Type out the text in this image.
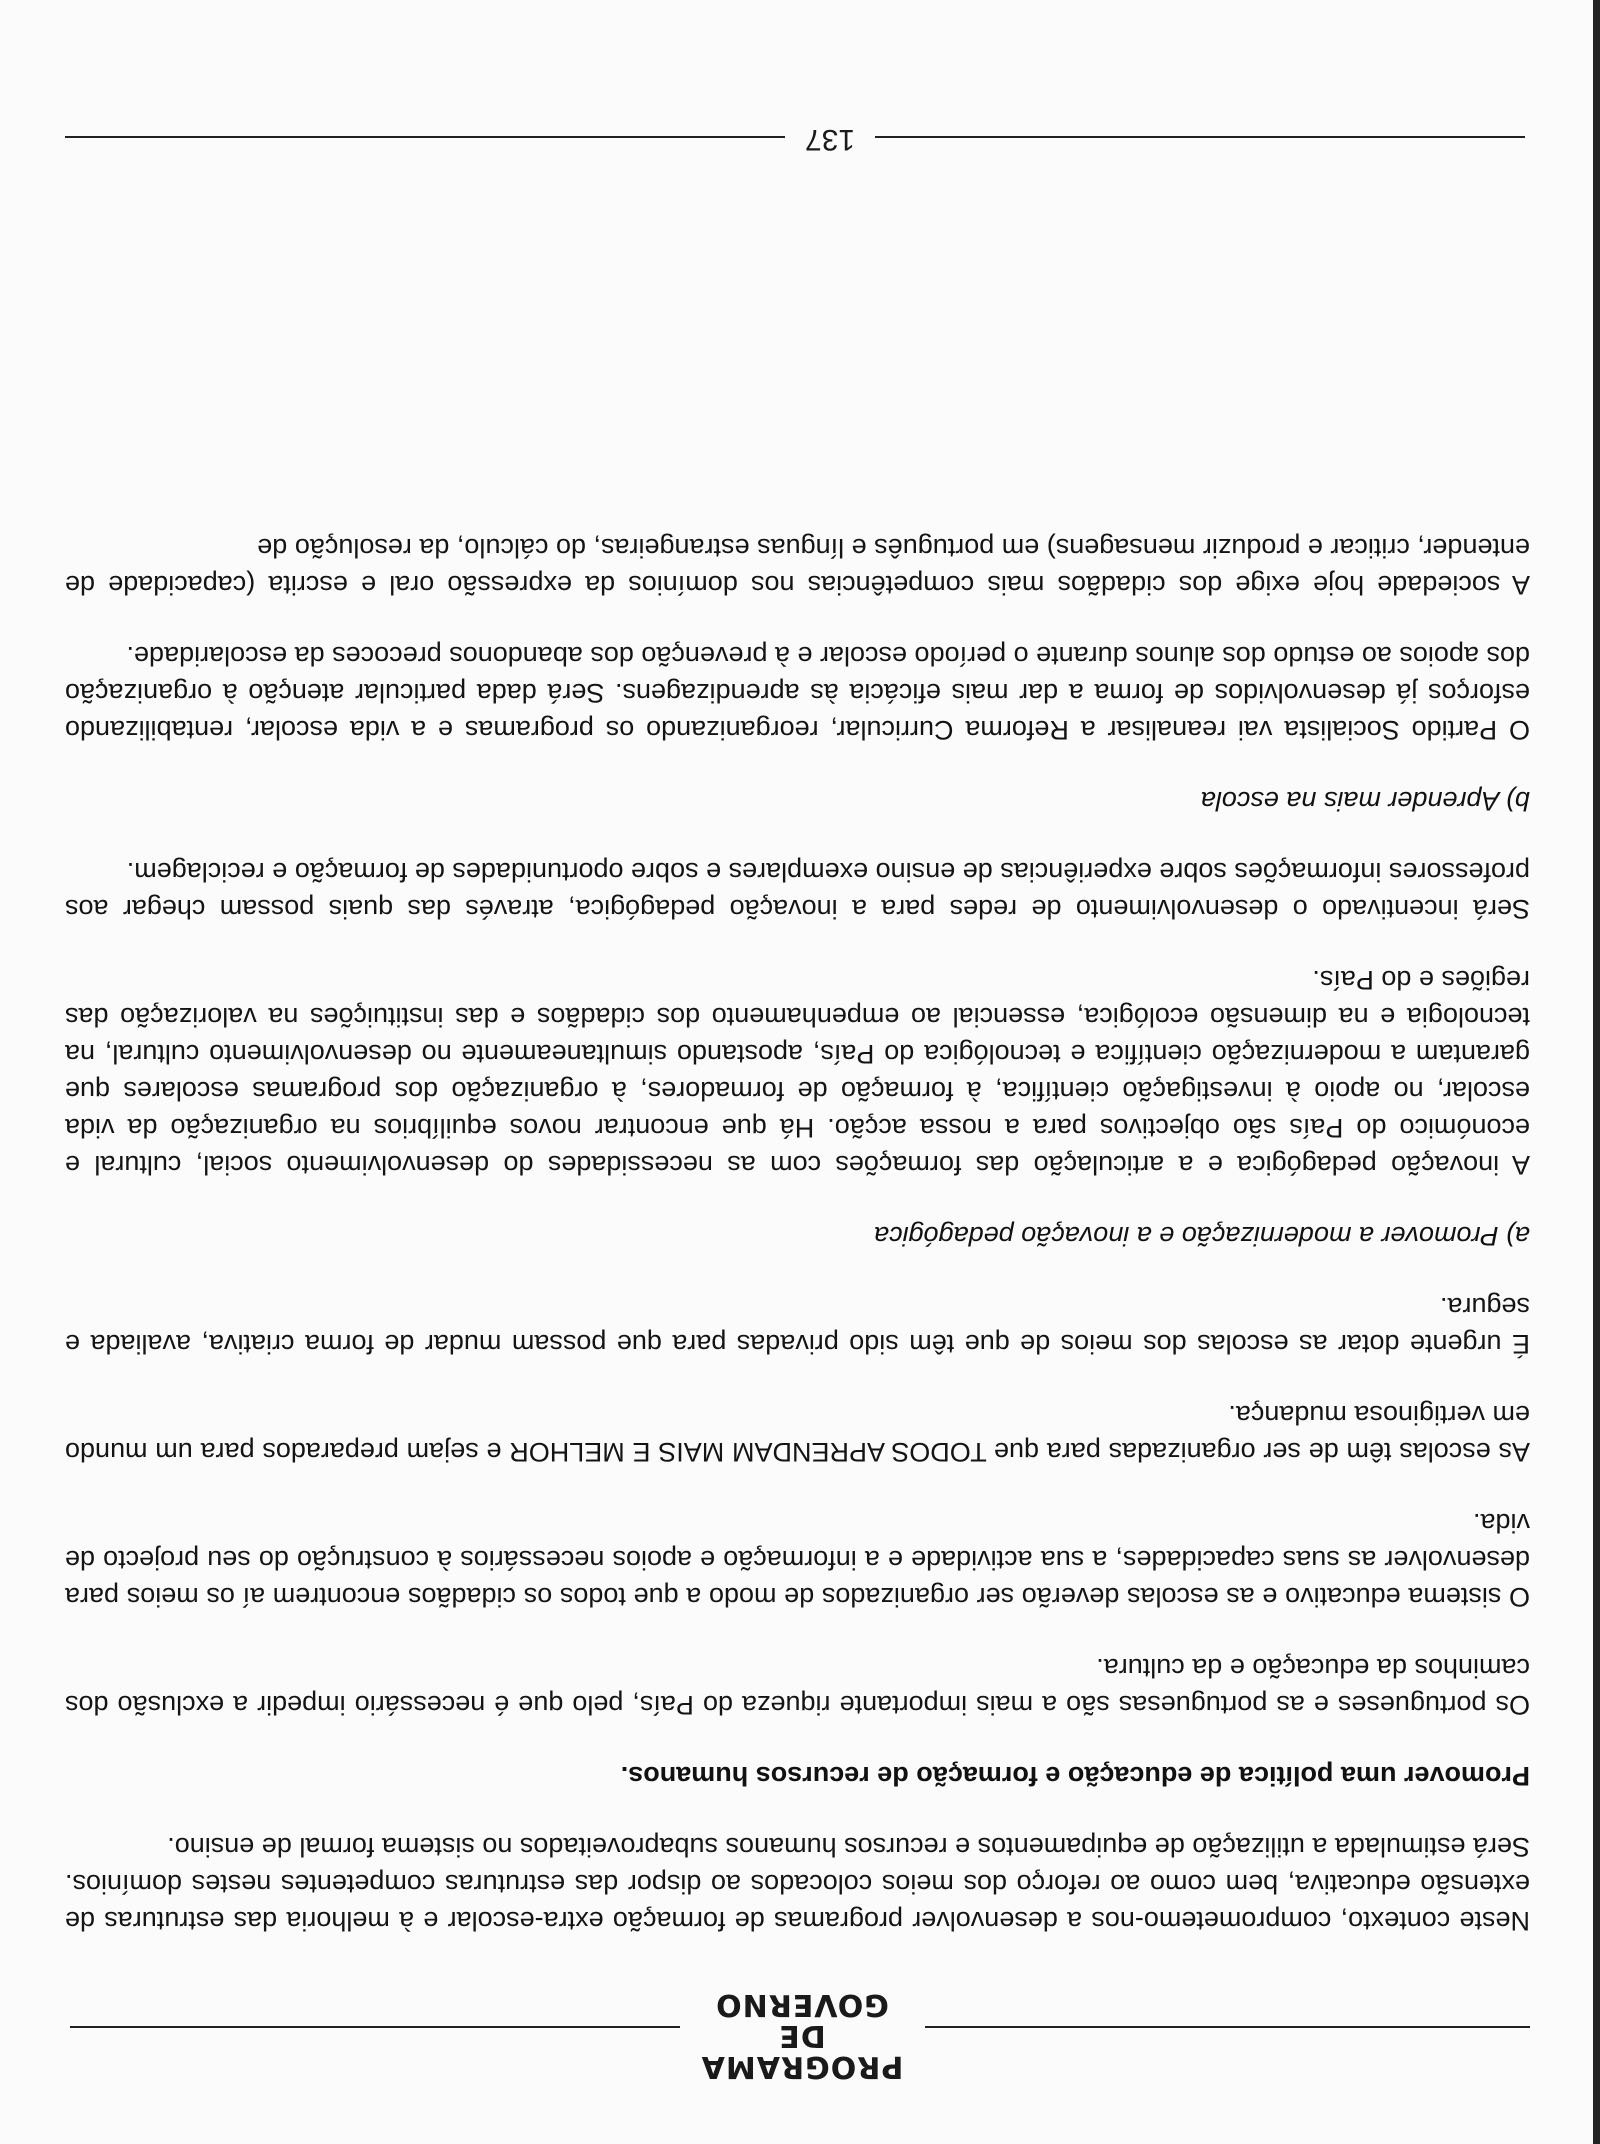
PROGRAMA
DE GOVERNO

Neste contexto, comprometemo-nos a desenvolver programas de formação extra-escolar e à melhoria das estruturas de extensão educativa, bem como ao reforço dos meios colocados ao dispor das estruturas competentes nestes domínios. Será estimulada a utilização de equipamentos e recursos humanos subaproveitados no sistema formal de ensino.

Promover uma política de educação e formação de recursos humanos.

Os portugueses e as portuguesas são a mais importante riqueza do País, pelo que é necessário impedir a exclusão dos caminhos da educação e da cultura.

O sistema educativo e as escolas deverão ser organizados de modo a que todos os cidadãos encontrem aí os meios para desenvolver as suas capacidades, a sua actividade e a informação e apoios necessários à construção do seu projecto de vida.

As escolas têm de ser organizadas para que TODOS APRENDAM MAIS E MELHOR e sejam preparados para um mundo em vertiginosa mudança.

É urgente dotar as escolas dos meios de que têm sido privadas para que possam mudar de forma criativa, avaliada e segura.

a) Promover a modernização e a inovação pedagógica

A inovação pedagógica e a articulação das formações com as necessidades do desenvolvimento social, cultural e económico do País são objectivos para a nossa acção. Há que encontrar novos equilíbrios na organização da vida escolar, no apoio à investigação científica, à formação de formadores, à organização dos programas escolares que garantam a modernização científica e tecnológica do País, apostando simultaneamente no desenvolvimento cultural, na tecnologia e na dimensão ecológica, essencial ao empenhamento dos cidadãos e das instituições na valorização das regiões e do País.

Será incentivado o desenvolvimento de redes para a inovação pedagógica, através das quais possam chegar aos professores informações sobre experiências de ensino exemplares e sobre oportunidades de formação e reciclagem.

b) Aprender mais na escola

O Partido Socialista vai reanalisar a Reforma Curricular, reorganizando os programas e a vida escolar, rentabilizando esforços já desenvolvidos de forma a dar mais eficácia às aprendizagens. Será dada particular atenção à organização dos apoios ao estudo dos alunos durante o período escolar e à prevenção dos abandonos precoces da escolaridade.

A sociedade hoje exige dos cidadãos mais competências nos domínios da expressão oral e escrita (capacidade de entender, criticar e produzir mensagens) em português e línguas estrangeiras, do cálculo, da resolução de

137
